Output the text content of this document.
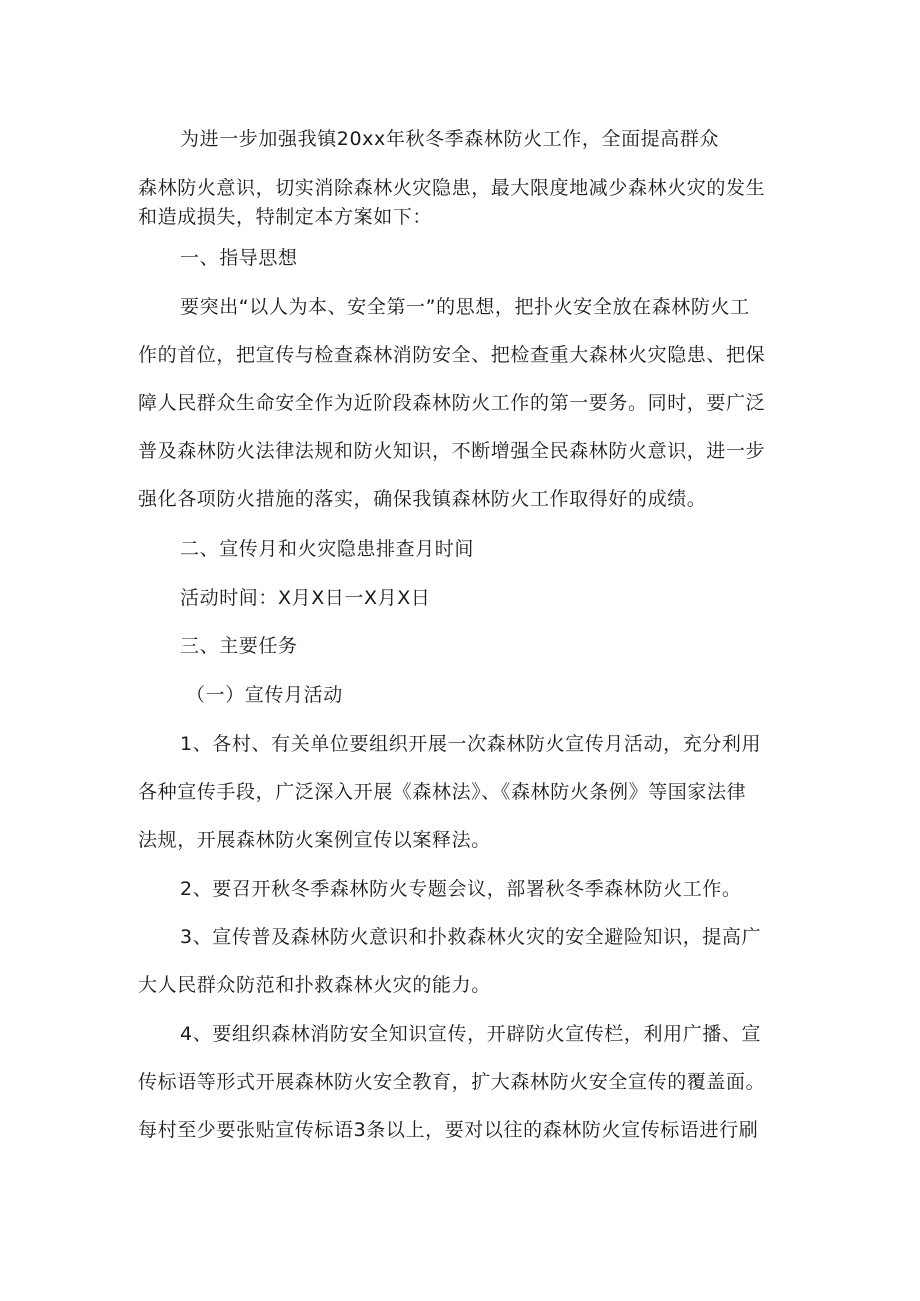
为进一步加强我镇20xx年秋冬季森林防火工作，全面提高群众
森林防火意识，切实消除森林火灾隐患，最大限度地减少森林火灾的发生
和造成损失，特制定本方案如下：
一、指导思想
要突出“以人为本、安全第一”的思想，把扑火安全放在森林防火工
作的首位，把宣传与检查森林消防安全、把检查重大森林火灾隐患、把保
障人民群众生命安全作为近阶段森林防火工作的第一要务。同时，要广泛
普及森林防火法律法规和防火知识，不断增强全民森林防火意识，进一步
强化各项防火措施的落实，确保我镇森林防火工作取得好的成绩。
二、宣传月和火灾隐患排查月时间
活动时间：X月X日一X月X日
三、主要任务
（一）宣传月活动
1、各村、有关单位要组织开展一次森林防火宣传月活动，充分利用
各种宣传手段，广泛深入开展《森林法》、《森林防火条例》等国家法律
法规，开展森林防火案例宣传以案释法。
2、要召开秋冬季森林防火专题会议，部署秋冬季森林防火工作。
3、宣传普及森林防火意识和扑救森林火灾的安全避险知识，提高广
大人民群众防范和扑救森林火灾的能力。
4、要组织森林消防安全知识宣传，开辟防火宣传栏，利用广播、宣
传标语等形式开展森林防火安全教育，扩大森林防火安全宣传的覆盖面。
每村至少要张贴宣传标语3条以上，要对以往的森林防火宣传标语进行刷
